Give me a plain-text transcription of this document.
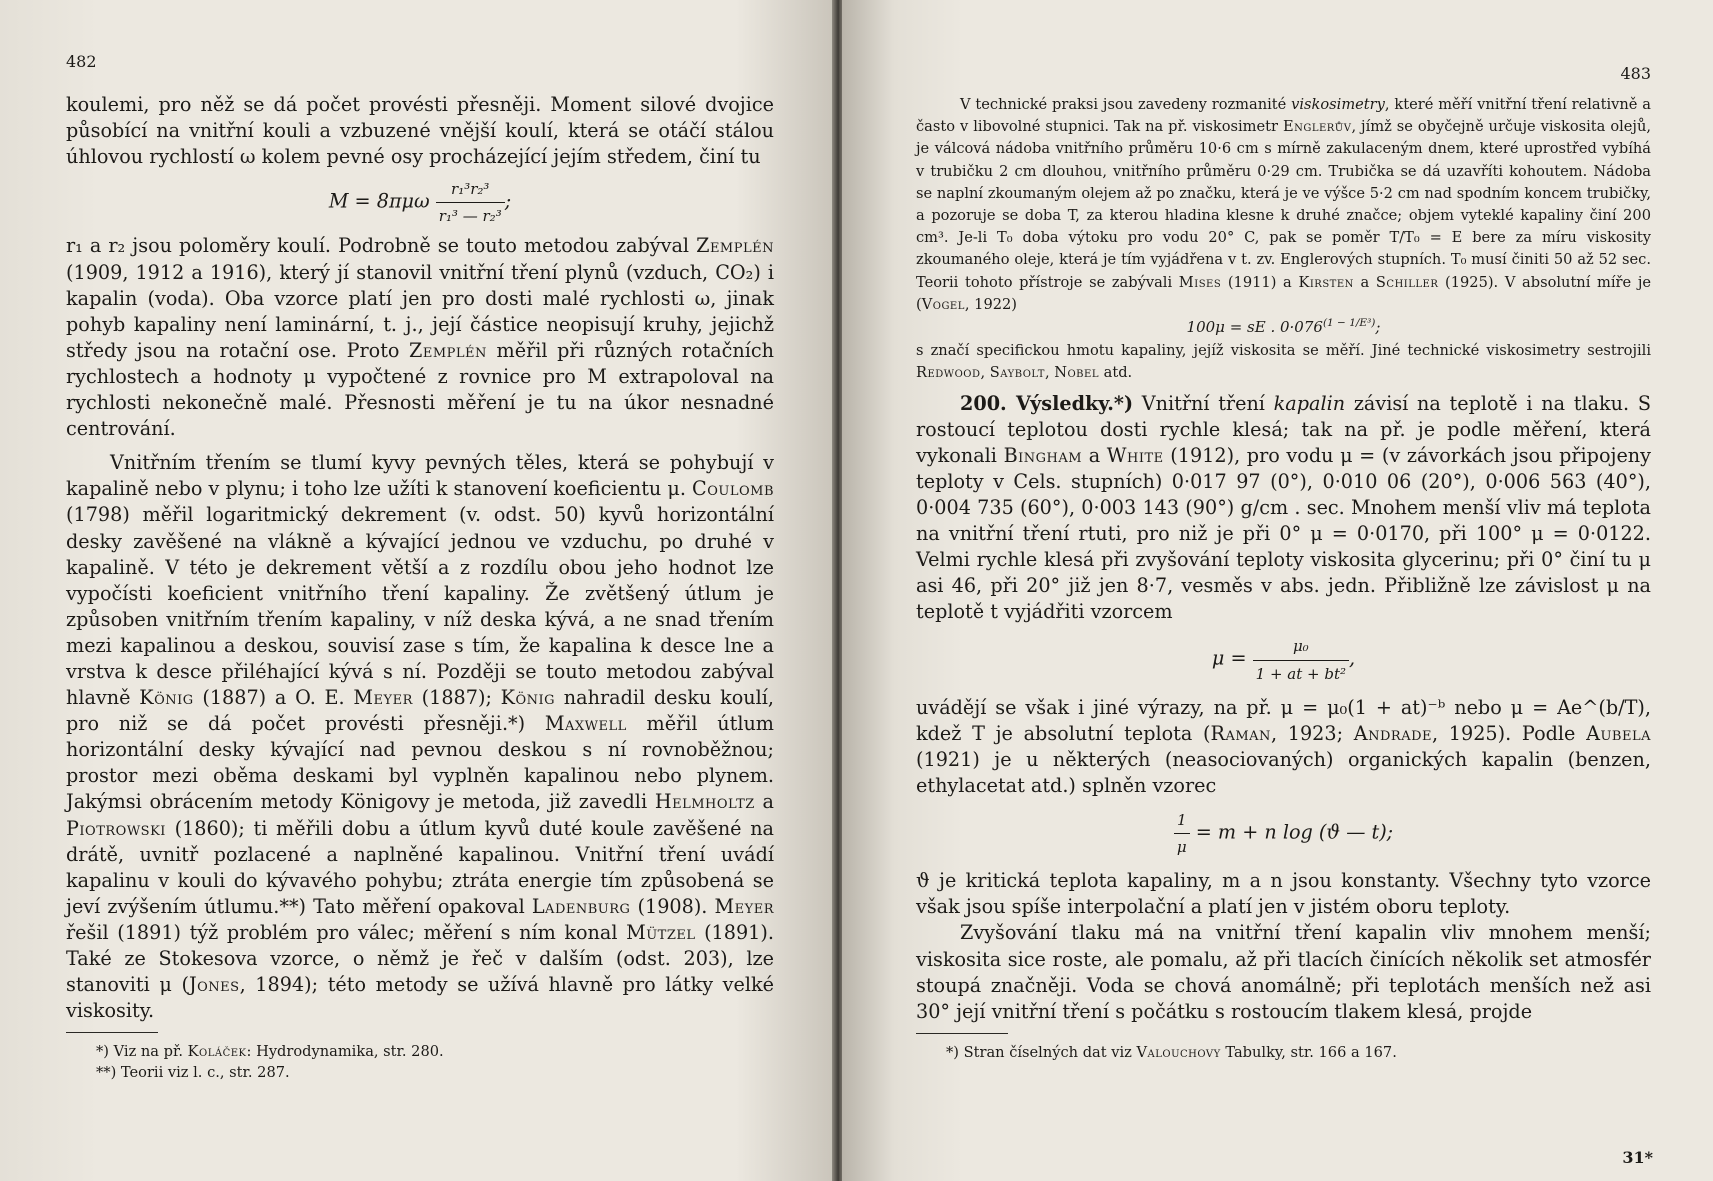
482

koulemi, pro něž se dá počet provésti přesněji. Moment silové dvojice působící na vnitřní kouli a vzbuzené vnější koulí, která se otáčí stálou úhlovou rychlostí ω kolem pevné osy procházející jejím středem, činí tu

$M = 8\pi\mu\omega \frac{\text{r₁³r₂³}}{\text{r₁³ — r₂³}}$ ;

r₁ a r₂ jsou poloměry koulí. Podrobně se touto metodou zabýval Zemplén (1909, 1912 a 1916), který jí stanovil vnitřní tření plynů (vzduch, CO₂) i kapalin (voda). Oba vzorce platí jen pro dosti malé rychlosti ω, jinak pohyb kapaliny není laminární, t. j., její částice neopisují kruhy, jejichž středy jsou na rotační ose. Proto Zemplén měřil při různých rotačních rychlostech a hodnoty μ vypočtené z rovnice pro M extrapoloval na rychlosti nekonečně malé. Přesnosti měření je tu na úkor nesnadné centrování.

Vnitřním třením se tlumí kyvy pevných těles, která se pohybují v kapalině nebo v plynu; i toho lze užíti k stanovení koeficientu μ. Coulomb (1798) měřil logaritmický dekrement (v. odst. 50) kyvů horizontální desky zavěšené na vlákně a kývající jednou ve vzduchu, po druhé v kapalině. V této je dekrement větší a z rozdílu obou jeho hodnot lze vypočísti koeficient vnitřního tření kapaliny. Že zvětšený útlum je způsoben vnitřním třením kapaliny, v níž deska kývá, a ne snad třením mezi kapalinou a deskou, souvisí zase s tím, že kapalina k desce lne a vrstva k desce přiléhající kývá s ní. Později se touto metodou zabýval hlavně König (1887) a O. E. Meyer (1887); König nahradil desku koulí, pro niž se dá počet provésti přesněji.*) Maxwell měřil útlum horizontální desky kývající nad pevnou deskou s ní rovnoběžnou; prostor mezi oběma deskami byl vyplněn kapalinou nebo plynem. Jakýmsi obrácením metody Königovy je metoda, již zavedli Helmholtz a Piotrowski (1860); ti měřili dobu a útlum kyvů duté koule zavěšené na drátě, uvnitř pozlacené a naplněné kapalinou. Vnitřní tření uvádí kapalinu v kouli do kývavého pohybu; ztráta energie tím způsobená se jeví zvýšením útlumu.**) Tato měření opakoval Ladenburg (1908). Meyer řešil (1891) týž problém pro válec; měření s ním konal Mützel (1891). Také ze Stokesova vzorce, o němž je řeč v dalším (odst. 203), lze stanoviti μ (Jones, 1894); této metody se užívá hlavně pro látky velké viskosity.

*) Viz na př. Koláček: Hydrodynamika, str. 280.
**) Teorii viz l. c., str. 287.
483

V technické praksi jsou zavedeny rozmanité viskosimetry, které měří vnitřní tření relativně a často v libovolné stupnici. Tak na př. viskosimetr Englerův, jímž se obyčejně určuje viskosita olejů, je válcová nádoba vnitřního průměru 10·6 cm s mírně zakulaceným dnem, které uprostřed vybíhá v trubičku 2 cm dlouhou, vnitřního průměru 0·29 cm. Trubička se dá uzavříti kohoutem. Nádoba se naplní zkoumaným olejem až po značku, která je ve výšce 5·2 cm nad spodním koncem trubičky, a pozoruje se doba T, za kterou hladina klesne k druhé značce; objem vyteklé kapaliny činí 200 cm³. Je-li T₀ doba výtoku pro vodu 20° C, pak se poměr T/T₀ = E bere za míru viskosity zkoumaného oleje, která je tím vyjádřena v t. zv. Englerových stupních. T₀ musí činiti 50 až 52 sec. Teorii tohoto přístroje se zabývali Mises (1911) a Kirsten a Schiller (1925). V absolutní míře je (Vogel, 1922)

100μ = sE . $0\cdot 076^{(1 - 1/E^3)}$;

s značí specifickou hmotu kapaliny, jejíž viskosita se měří. Jiné technické viskosimetry sestrojili Redwood, Saybolt, Nobel atd.

200. Výsledky.*) Vnitřní tření kapalin závisí na teplotě i na tlaku. S rostoucí teplotou dosti rychle klesá; tak na př. je podle měření, která vykonali Bingham a White (1912), pro vodu μ = (v závorkách jsou připojeny teploty v Cels. stupních) 0·017 97 (0°), 0·010 06 (20°), 0·006 563 (40°), 0·004 735 (60°), 0·003 143 (90°) g/cm . sec. Mnohem menší vliv má teplota na vnitřní tření rtuti, pro niž je při 0° μ = 0·0170, při 100° μ = 0·0122. Velmi rychle klesá při zvyšování teploty viskosita glycerinu; při 0° činí tu μ asi 46, při 20° již jen 8·7, vesměs v abs. jedn. Přibližně lze závislost μ na teplotě t vyjádřiti vzorcem

$\mu = \frac{\text{μ₀}}{\text{1 + at + bt²}}$ ,

uvádějí se však i jiné výrazy, na př. μ = μ₀(1 + at)⁻ᵇ nebo μ = Ae^(b/T), kdež T je absolutní teplota (Raman, 1923; Andrade, 1925). Podle Aubela (1921) je u některých (neasociovaných) organických kapalin (benzen, ethylacetat atd.) splněn vzorec

$\frac{1}{\mu} = m + n$ log (ϑ — t);

ϑ je kritická teplota kapaliny, m a n jsou konstanty. Všechny tyto vzorce však jsou spíše interpolační a platí jen v jistém oboru teploty.

Zvyšování tlaku má na vnitřní tření kapalin vliv mnohem menší; viskosita sice roste, ale pomalu, až při tlacích činících několik set atmosfér stoupá značněji. Voda se chová anomálně; při teplotách menších než asi 30° její vnitřní tření s počátku s rostoucím tlakem klesá, projde

*) Stran číselných dat viz Valouchovy Tabulky, str. 166 a 167.
31*
